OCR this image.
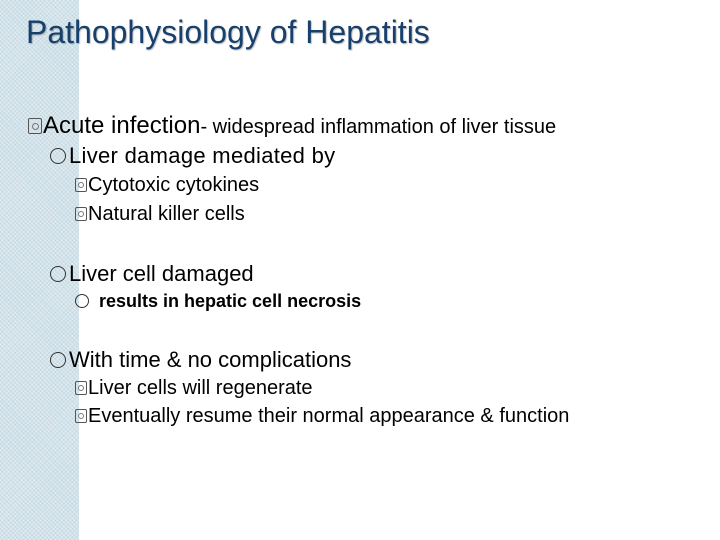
Pathophysiology of Hepatitis
Acute infection- widespread inflammation of liver tissue
Liver damage mediated by
Cytotoxic cytokines
Natural killer cells
Liver cell damaged
results in hepatic cell necrosis
With time & no complications
Liver cells will regenerate
Eventually resume their normal appearance & function
